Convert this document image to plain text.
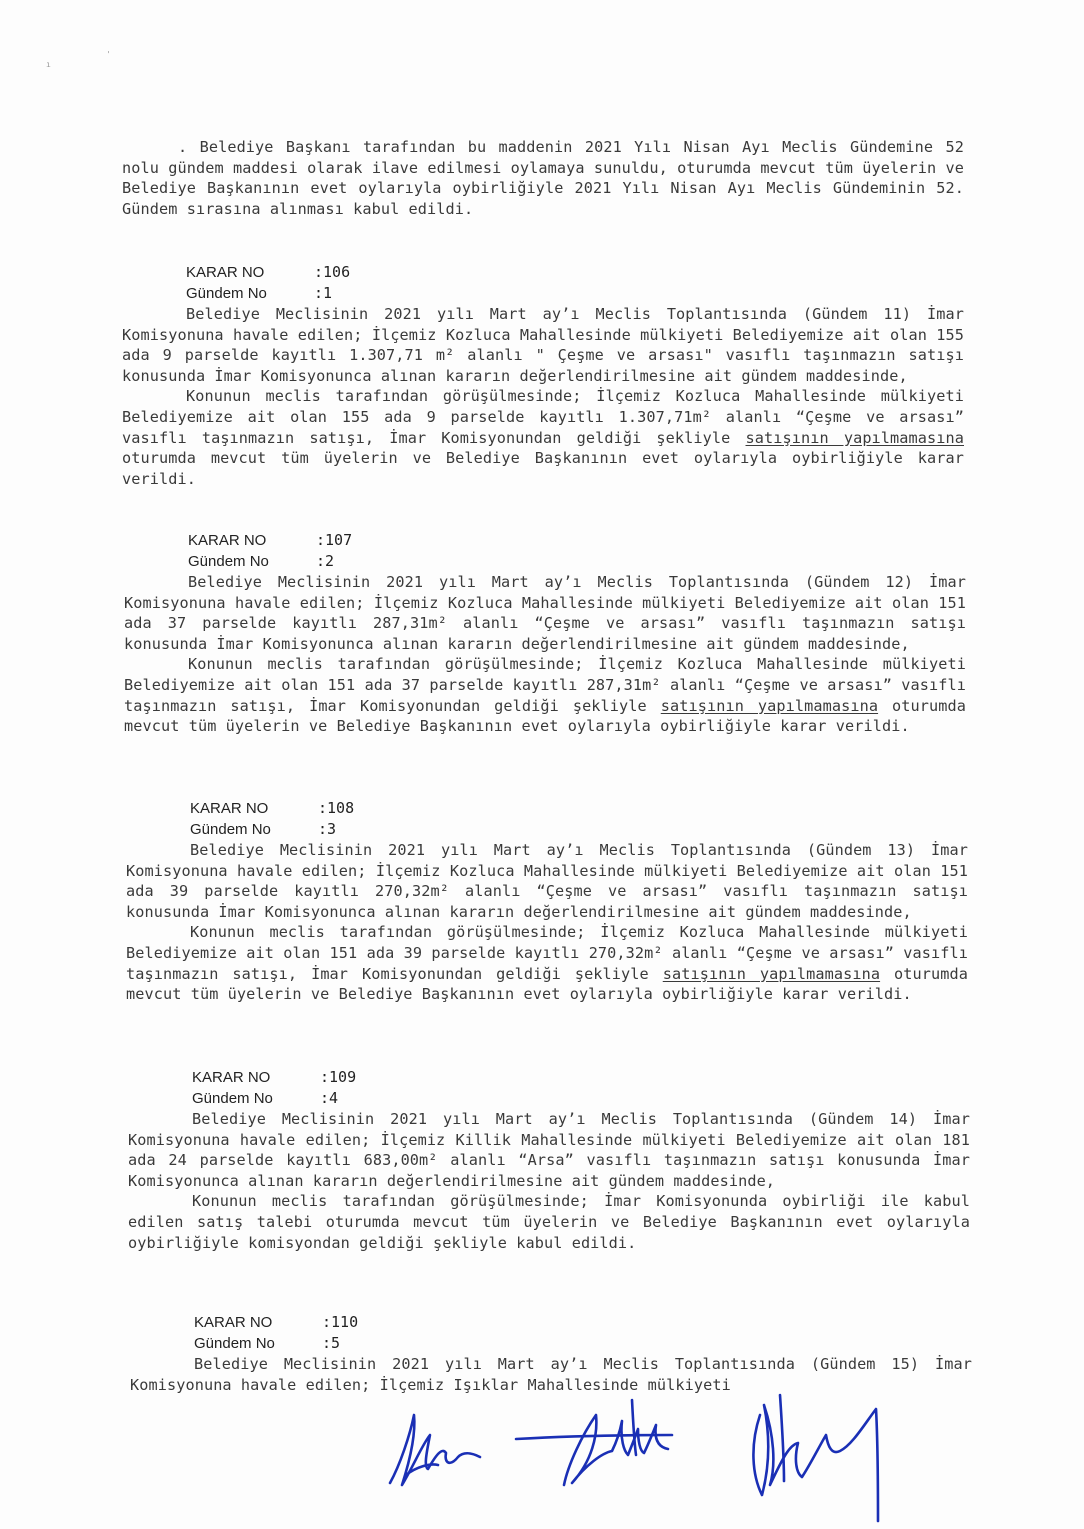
ı
'

. Belediye Başkanı tarafından bu maddenin 2021 Yılı Nisan Ayı Meclis Gündemine 52 nolu gündem maddesi olarak ilave edilmesi oylamaya sunuldu, oturumda mevcut tüm üyelerin ve Belediye Başkanının evet oylarıyla oybirliğiyle 2021 Yılı Nisan Ayı Meclis Gündeminin 52. Gündem sırasına alınması kabul edildi.

KARAR NO	:106
Gündem No	:1

Belediye Meclisinin 2021 yılı Mart ay’ı Meclis Toplantısında (Gündem 11) İmar Komisyonuna havale edilen; İlçemiz Kozluca Mahallesinde mülkiyeti Belediyemize ait olan 155 ada 9 parselde kayıtlı 1.307,71 m² alanlı " Çeşme ve arsası" vasıflı taşınmazın satışı konusunda İmar Komisyonunca alınan kararın değerlendirilmesine ait gündem maddesinde,

Konunun meclis tarafından görüşülmesinde; İlçemiz Kozluca Mahallesinde mülkiyeti Belediyemize ait olan 155 ada 9 parselde kayıtlı 1.307,71m² alanlı “Çeşme ve arsası” vasıflı taşınmazın satışı, İmar Komisyonundan geldiği şekliyle satışının yapılmamasına oturumda mevcut tüm üyelerin ve Belediye Başkanının evet oylarıyla oybirliğiyle karar verildi.

KARAR NO	:107
Gündem No	:2

Belediye Meclisinin 2021 yılı Mart ay’ı Meclis Toplantısında (Gündem 12) İmar Komisyonuna havale edilen; İlçemiz Kozluca Mahallesinde mülkiyeti Belediyemize ait olan 151 ada 37 parselde kayıtlı 287,31m² alanlı “Çeşme ve arsası” vasıflı taşınmazın satışı konusunda İmar Komisyonunca alınan kararın değerlendirilmesine ait gündem maddesinde,

Konunun meclis tarafından görüşülmesinde; İlçemiz Kozluca Mahallesinde mülkiyeti Belediyemize ait olan 151 ada 37 parselde kayıtlı 287,31m² alanlı “Çeşme ve arsası” vasıflı taşınmazın satışı, İmar Komisyonundan geldiği şekliyle satışının yapılmamasına oturumda mevcut tüm üyelerin ve Belediye Başkanının evet oylarıyla oybirliğiyle karar verildi.

KARAR NO	:108
Gündem No	:3

Belediye Meclisinin 2021 yılı Mart ay’ı Meclis Toplantısında (Gündem 13) İmar Komisyonuna havale edilen; İlçemiz Kozluca Mahallesinde mülkiyeti Belediyemize ait olan 151 ada 39 parselde kayıtlı 270,32m² alanlı “Çeşme ve arsası” vasıflı taşınmazın satışı konusunda İmar Komisyonunca alınan kararın değerlendirilmesine ait gündem maddesinde,

Konunun meclis tarafından görüşülmesinde; İlçemiz Kozluca Mahallesinde mülkiyeti Belediyemize ait olan 151 ada 39 parselde kayıtlı 270,32m² alanlı “Çeşme ve arsası” vasıflı taşınmazın satışı, İmar Komisyonundan geldiği şekliyle satışının yapılmamasına oturumda mevcut tüm üyelerin ve Belediye Başkanının evet oylarıyla oybirliğiyle karar verildi.

KARAR NO	:109
Gündem No	:4

Belediye Meclisinin 2021 yılı Mart ay’ı Meclis Toplantısında (Gündem 14) İmar Komisyonuna havale edilen; İlçemiz Killik Mahallesinde mülkiyeti Belediyemize ait olan 181 ada 24 parselde kayıtlı 683,00m² alanlı “Arsa” vasıflı taşınmazın satışı konusunda İmar Komisyonunca alınan kararın değerlendirilmesine ait gündem maddesinde,

Konunun meclis tarafından görüşülmesinde; İmar Komisyonunda oybirliği ile kabul edilen satış talebi oturumda mevcut tüm üyelerin ve Belediye Başkanının evet oylarıyla oybirliğiyle komisyondan geldiği şekliyle kabul edildi.

KARAR NO	:110
Gündem No	:5

Belediye Meclisinin 2021 yılı Mart ay’ı Meclis Toplantısında (Gündem 15) İmar Komisyonuna havale edilen; İlçemiz Işıklar Mahallesinde mülkiyeti
